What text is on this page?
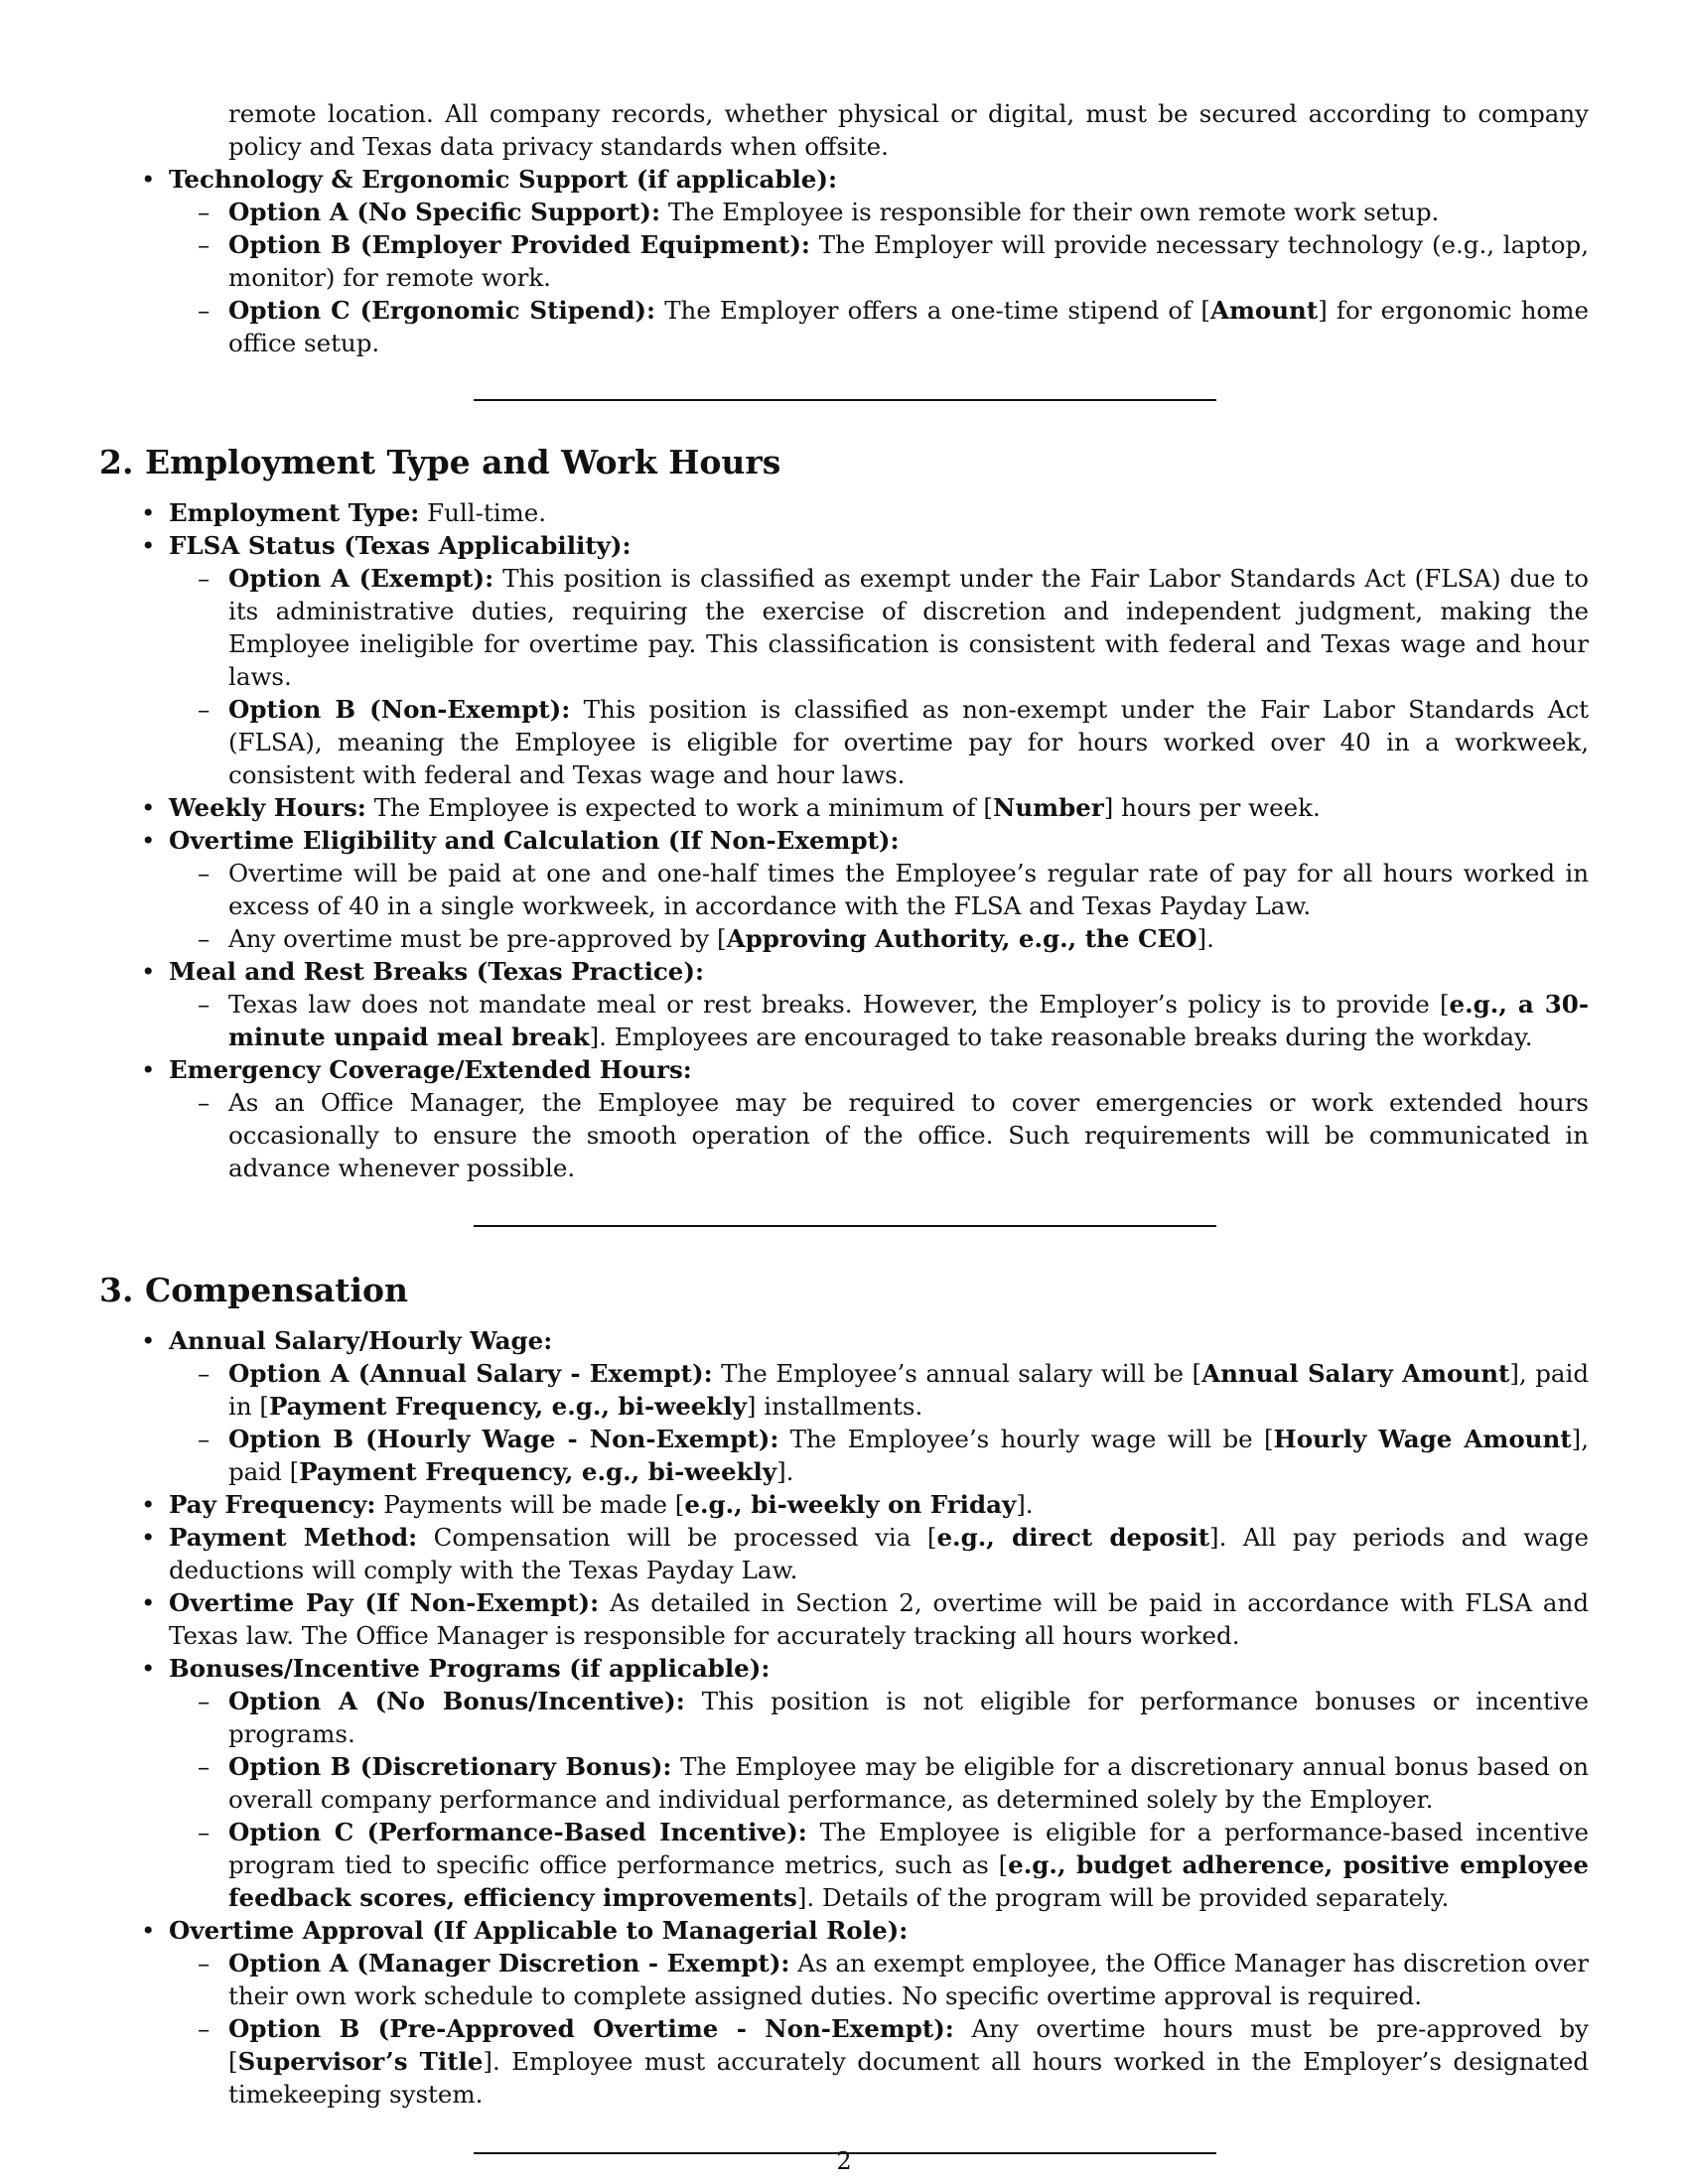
remote location. All company records, whether physical or digital, must be secured according to company policy and Texas data privacy standards when offsite.

• Technology & Ergonomic Support (if applicable):
– Option A (No Specific Support): The Employee is responsible for their own remote work setup.
– Option B (Employer Provided Equipment): The Employer will provide necessary technology (e.g., laptop, monitor) for remote work.
– Option C (Ergonomic Stipend): The Employer offers a one-time stipend of [Amount] for ergonomic home office setup.
2. Employment Type and Work Hours
• Employment Type: Full-time.
• FLSA Status (Texas Applicability):
– Option A (Exempt): This position is classified as exempt under the Fair Labor Standards Act (FLSA) due to its administrative duties, requiring the exercise of discretion and independent judgment, making the Employee ineligible for overtime pay. This classification is consistent with federal and Texas wage and hour laws.
– Option B (Non-Exempt): This position is classified as non-exempt under the Fair Labor Standards Act (FLSA), meaning the Employee is eligible for overtime pay for hours worked over 40 in a workweek, consistent with federal and Texas wage and hour laws.
• Weekly Hours: The Employee is expected to work a minimum of [Number] hours per week.
• Overtime Eligibility and Calculation (If Non-Exempt):
– Overtime will be paid at one and one-half times the Employee’s regular rate of pay for all hours worked in excess of 40 in a single workweek, in accordance with the FLSA and Texas Payday Law.
– Any overtime must be pre-approved by [Approving Authority, e.g., the CEO].
• Meal and Rest Breaks (Texas Practice):
– Texas law does not mandate meal or rest breaks. However, the Employer’s policy is to provide [e.g., a 30-minute unpaid meal break]. Employees are encouraged to take reasonable breaks during the workday.
• Emergency Coverage/Extended Hours:
– As an Office Manager, the Employee may be required to cover emergencies or work extended hours occasionally to ensure the smooth operation of the office. Such requirements will be communicated in advance whenever possible.
3. Compensation
• Annual Salary/Hourly Wage:
– Option A (Annual Salary - Exempt): The Employee’s annual salary will be [Annual Salary Amount], paid in [Payment Frequency, e.g., bi-weekly] installments.
– Option B (Hourly Wage - Non-Exempt): The Employee’s hourly wage will be [Hourly Wage Amount], paid [Payment Frequency, e.g., bi-weekly].
• Pay Frequency: Payments will be made [e.g., bi-weekly on Friday].
• Payment Method: Compensation will be processed via [e.g., direct deposit]. All pay periods and wage deductions will comply with the Texas Payday Law.
• Overtime Pay (If Non-Exempt): As detailed in Section 2, overtime will be paid in accordance with FLSA and Texas law. The Office Manager is responsible for accurately tracking all hours worked.
• Bonuses/Incentive Programs (if applicable):
– Option A (No Bonus/Incentive): This position is not eligible for performance bonuses or incentive programs.
– Option B (Discretionary Bonus): The Employee may be eligible for a discretionary annual bonus based on overall company performance and individual performance, as determined solely by the Employer.
– Option C (Performance-Based Incentive): The Employee is eligible for a performance-based incentive program tied to specific office performance metrics, such as [e.g., budget adherence, positive employee feedback scores, efficiency improvements]. Details of the program will be provided separately.
• Overtime Approval (If Applicable to Managerial Role):
– Option A (Manager Discretion - Exempt): As an exempt employee, the Office Manager has discretion over their own work schedule to complete assigned duties. No specific overtime approval is required.
– Option B (Pre-Approved Overtime - Non-Exempt): Any overtime hours must be pre-approved by [Supervisor’s Title]. Employee must accurately document all hours worked in the Employer’s designated timekeeping system.
2
